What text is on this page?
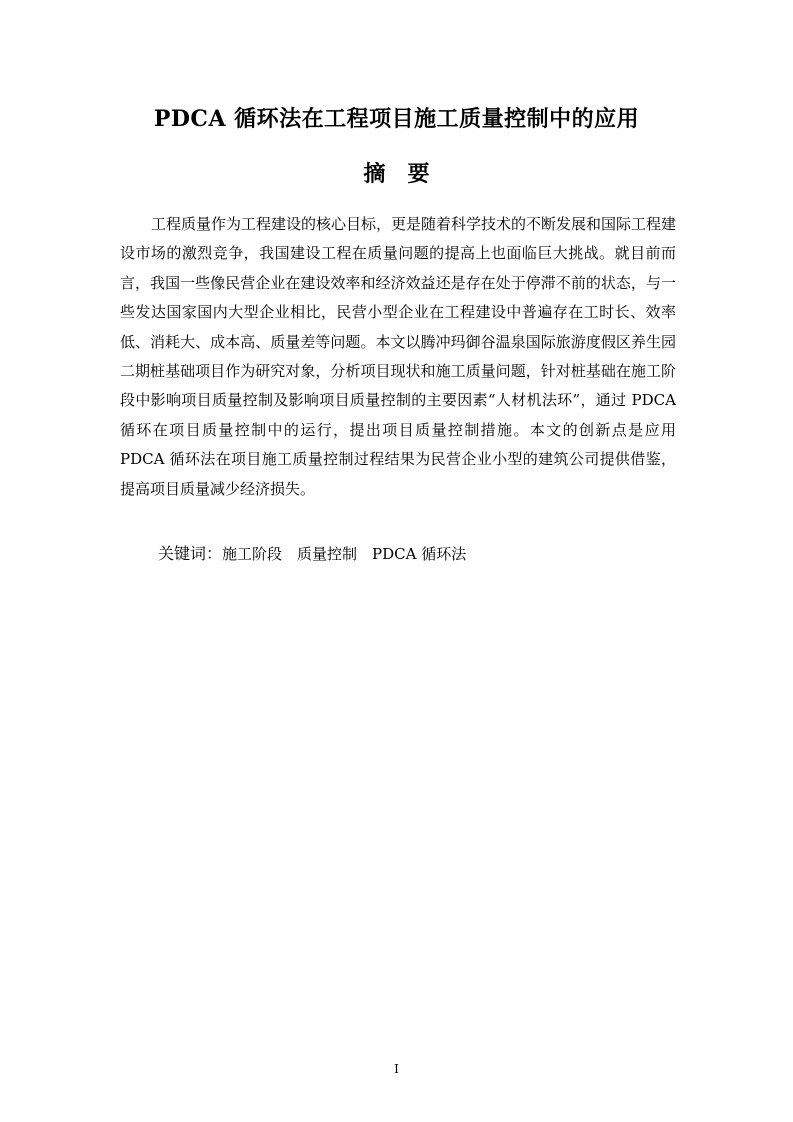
PDCA 循环法在工程项目施工质量控制中的应用
摘要

工程质量作为工程建设的核心目标，更是随着科学技术的不断发展和国际工程建设市场的激烈竞争，我国建设工程在质量问题的提高上也面临巨大挑战。就目前而言，我国一些像民营企业在建设效率和经济效益还是存在处于停滞不前的状态，与一些发达国家国内大型企业相比，民营小型企业在工程建设中普遍存在工时长、效率低、消耗大、成本高、质量差等问题。本文以腾冲玛御谷温泉国际旅游度假区养生园二期桩基础项目作为研究对象，分析项目现状和施工质量问题，针对桩基础在施工阶段中影响项目质量控制及影响项目质量控制的主要因素“人材机法环”，通过 PDCA 循环在项目质量控制中的运行，提出项目质量控制措施。本文的创新点是应用 PDCA 循环法在项目施工质量控制过程结果为民营企业小型的建筑公司提供借鉴，提高项目质量减少经济损失。

关键词：施工阶段 质量控制 PDCA 循环法
I
